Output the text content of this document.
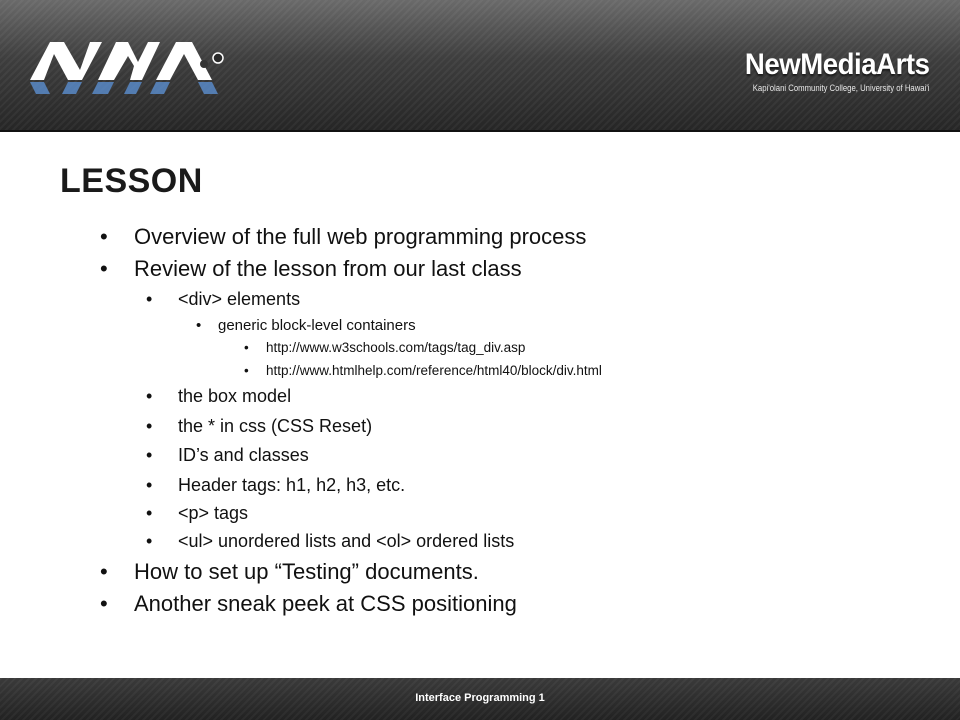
NewMediaArts
Kapi'olani Community College, University of Hawai'i
LESSON
• Overview of the full web programming process
• Review of the lesson from our last class
• <div> elements
• generic block-level containers
• http://www.w3schools.com/tags/tag_div.asp
• http://www.htmlhelp.com/reference/html40/block/div.html
• the box model
• the * in css (CSS Reset)
• ID’s and classes
• Header tags: h1, h2, h3, etc.
• <p> tags
• <ul> unordered lists and <ol> ordered lists
• How to set up “Testing” documents.
• Another sneak peek at CSS positioning
Interface Programming 1
